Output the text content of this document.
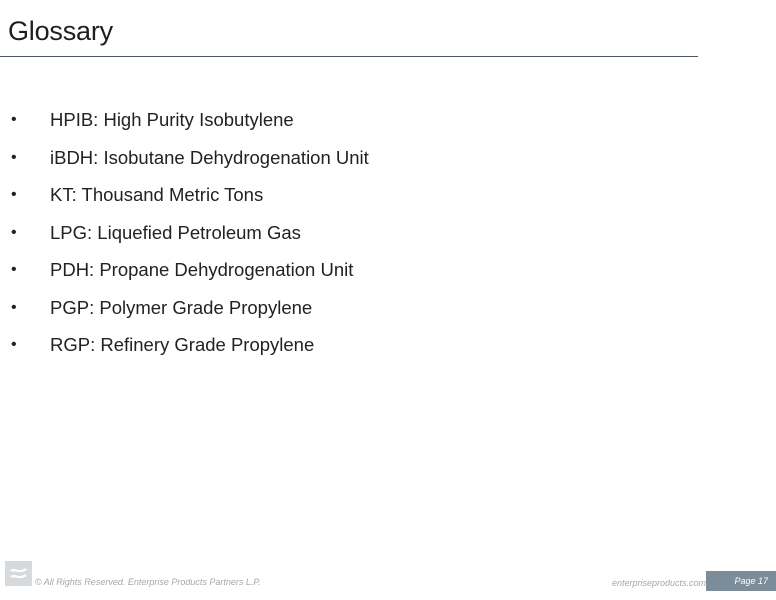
Glossary
• HPIB: High Purity Isobutylene
• iBDH: Isobutane Dehydrogenation Unit
• KT: Thousand Metric Tons
• LPG: Liquefied Petroleum Gas
• PDH: Propane Dehydrogenation Unit
• PGP: Polymer Grade Propylene
• RGP: Refinery Grade Propylene
© All Rights Reserved. Enterprise Products Partners L.P.	enterpriseproducts.com	Page 17
